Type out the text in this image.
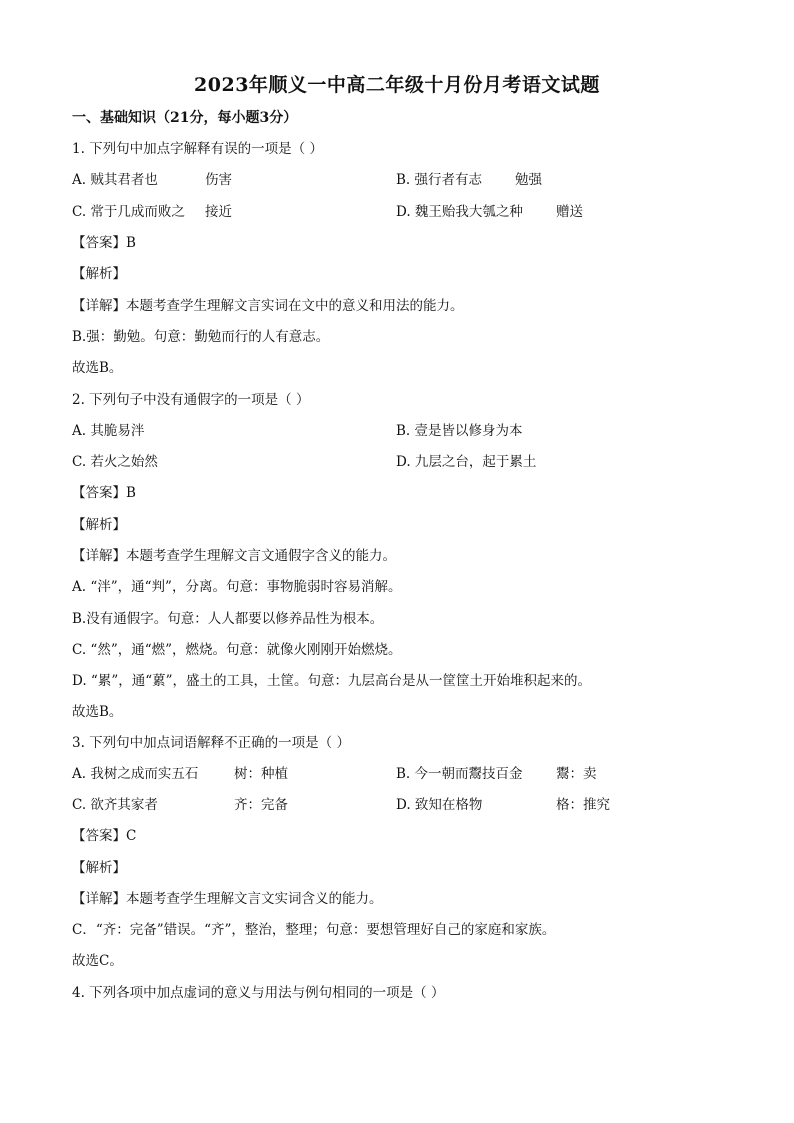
2023年顺义一中高二年级十月份月考语文试题
一、基础知识（21分，每小题3分）
1. 下列句中加点字解释有误的一项是（ ）
A. 贼其君者也	伤害	B. 强行者有志 勉强
C. 常于几成而败之 接近	D. 魏王贻我大瓠之种 赠送
【答案】B
【解析】
【详解】本题考查学生理解文言实词在文中的意义和用法的能力。
B.强：勤勉。句意：勤勉而行的人有意志。
故选B。
2. 下列句子中没有通假字的一项是（ ）
A. 其脆易泮	B. 壹是皆以修身为本
C. 若火之始然	D. 九层之台，起于累土
【答案】B
【解析】
【详解】本题考查学生理解文言文通假字含义的能力。
A. “泮”，通“判”，分离。句意：事物脆弱时容易消解。
B.没有通假字。句意：人人都要以修养品性为根本。
C. “然”，通“燃”，燃烧。句意：就像火刚刚开始燃烧。
D. “累”，通“蔂”，盛土的工具，土筐。句意：九层高台是从一筐筐土开始堆积起来的。
故选B。
3. 下列句中加点词语解释不正确的一项是（ ）
A. 我树之成而实五石	树：种植	B. 今一朝而鬻技百金 鬻：卖
C. 欲齐其家者	齐：完备	D. 致知在格物	格：推究
【答案】C
【解析】
【详解】本题考查学生理解文言文实词含义的能力。
C．“齐：完备”错误。“齐”，整治，整理；句意：要想管理好自己的家庭和家族。
故选C。
4. 下列各项中加点虚词的意义与用法与例句相同的一项是（ ）
